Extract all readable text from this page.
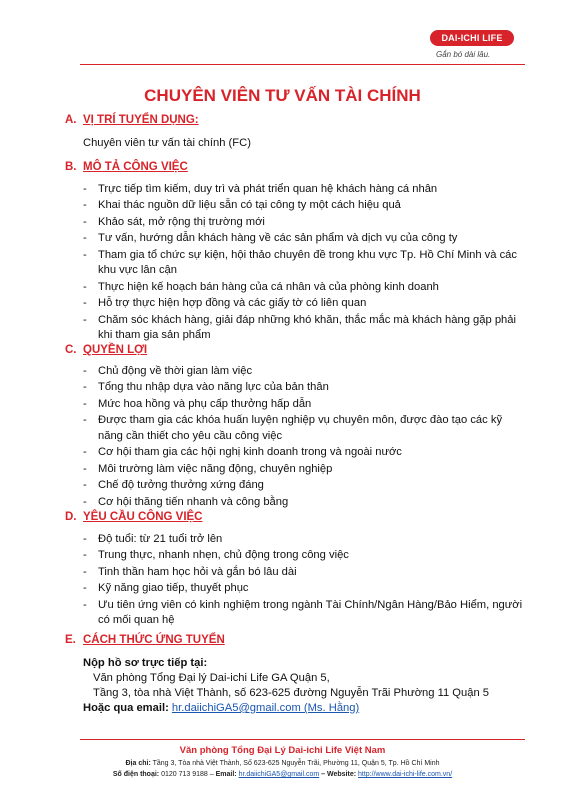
DAI-ICHI LIFE
Gắn bó dài lâu.
CHUYÊN VIÊN TƯ VẤN TÀI CHÍNH
A. VỊ TRÍ TUYỂN DỤNG:
Chuyên viên tư vấn tài chính (FC)
B. MÔ TẢ CÔNG VIỆC
- Trực tiếp tìm kiếm, duy trì và phát triển quan hệ khách hàng cá nhân
- Khai thác nguồn dữ liệu sẵn có tại công ty một cách hiệu quả
- Khảo sát, mở rộng thị trường mới
- Tư vấn, hướng dẫn khách hàng về các sản phẩm và dịch vụ của công ty
- Tham gia tổ chức sự kiện, hội thảo chuyên đề trong khu vực Tp. Hồ Chí Minh và các khu vực lân cận
- Thực hiện kế hoạch bán hàng của cá nhân và của phòng kinh doanh
- Hỗ trợ thực hiện hợp đồng và các giấy tờ có liên quan
- Chăm sóc khách hàng, giải đáp những khó khăn, thắc mắc mà khách hàng gặp phải khi tham gia sản phẩm
C. QUYỀN LỢI
- Chủ động về thời gian làm việc
- Tổng thu nhập dựa vào năng lực của bản thân
- Mức hoa hồng và phụ cấp thưởng hấp dẫn
- Được tham gia các khóa huấn luyện nghiệp vụ chuyên môn, được đào tạo các kỹ năng cần thiết cho yêu cầu công việc
- Cơ hội tham gia các hội nghị kinh doanh trong và ngoài nước
- Môi trường làm việc năng động, chuyên nghiệp
- Chế độ tưởng thưởng xứng đáng
- Cơ hội thăng tiến nhanh và công bằng
D. YÊU CẦU CÔNG VIỆC
- Độ tuổi: từ 21 tuổi trở lên
- Trung thực, nhanh nhẹn, chủ động trong công việc
- Tinh thần ham học hỏi và gắn bó lâu dài
- Kỹ năng giao tiếp, thuyết phục
- Ưu tiên ứng viên có kinh nghiệm trong ngành Tài Chính/Ngân Hàng/Bảo Hiểm, người có mối quan hệ
E. CÁCH THỨC ỨNG TUYỂN
Nộp hồ sơ trực tiếp tại:
Văn phòng Tổng Đại lý Dai-ichi Life GA Quận 5,
Tầng 3, tòa nhà Việt Thành, số 623-625 đường Nguyễn Trãi Phường 11 Quận 5
Hoặc qua email: hr.daiichiGA5@gmail.com (Ms. Hằng)
Văn phòng Tổng Đại Lý Dai-ichi Life Việt Nam
Địa chỉ: Tầng 3, Tòa nhà Việt Thành, Số 623-625 Nguyễn Trãi, Phường 11, Quận 5, Tp. Hồ Chí Minh
Số điện thoại: 0120 713 9188 – Email: hr.daiichiGA5@gmail.com – Website: http://www.dai-ichi-life.com.vn/
